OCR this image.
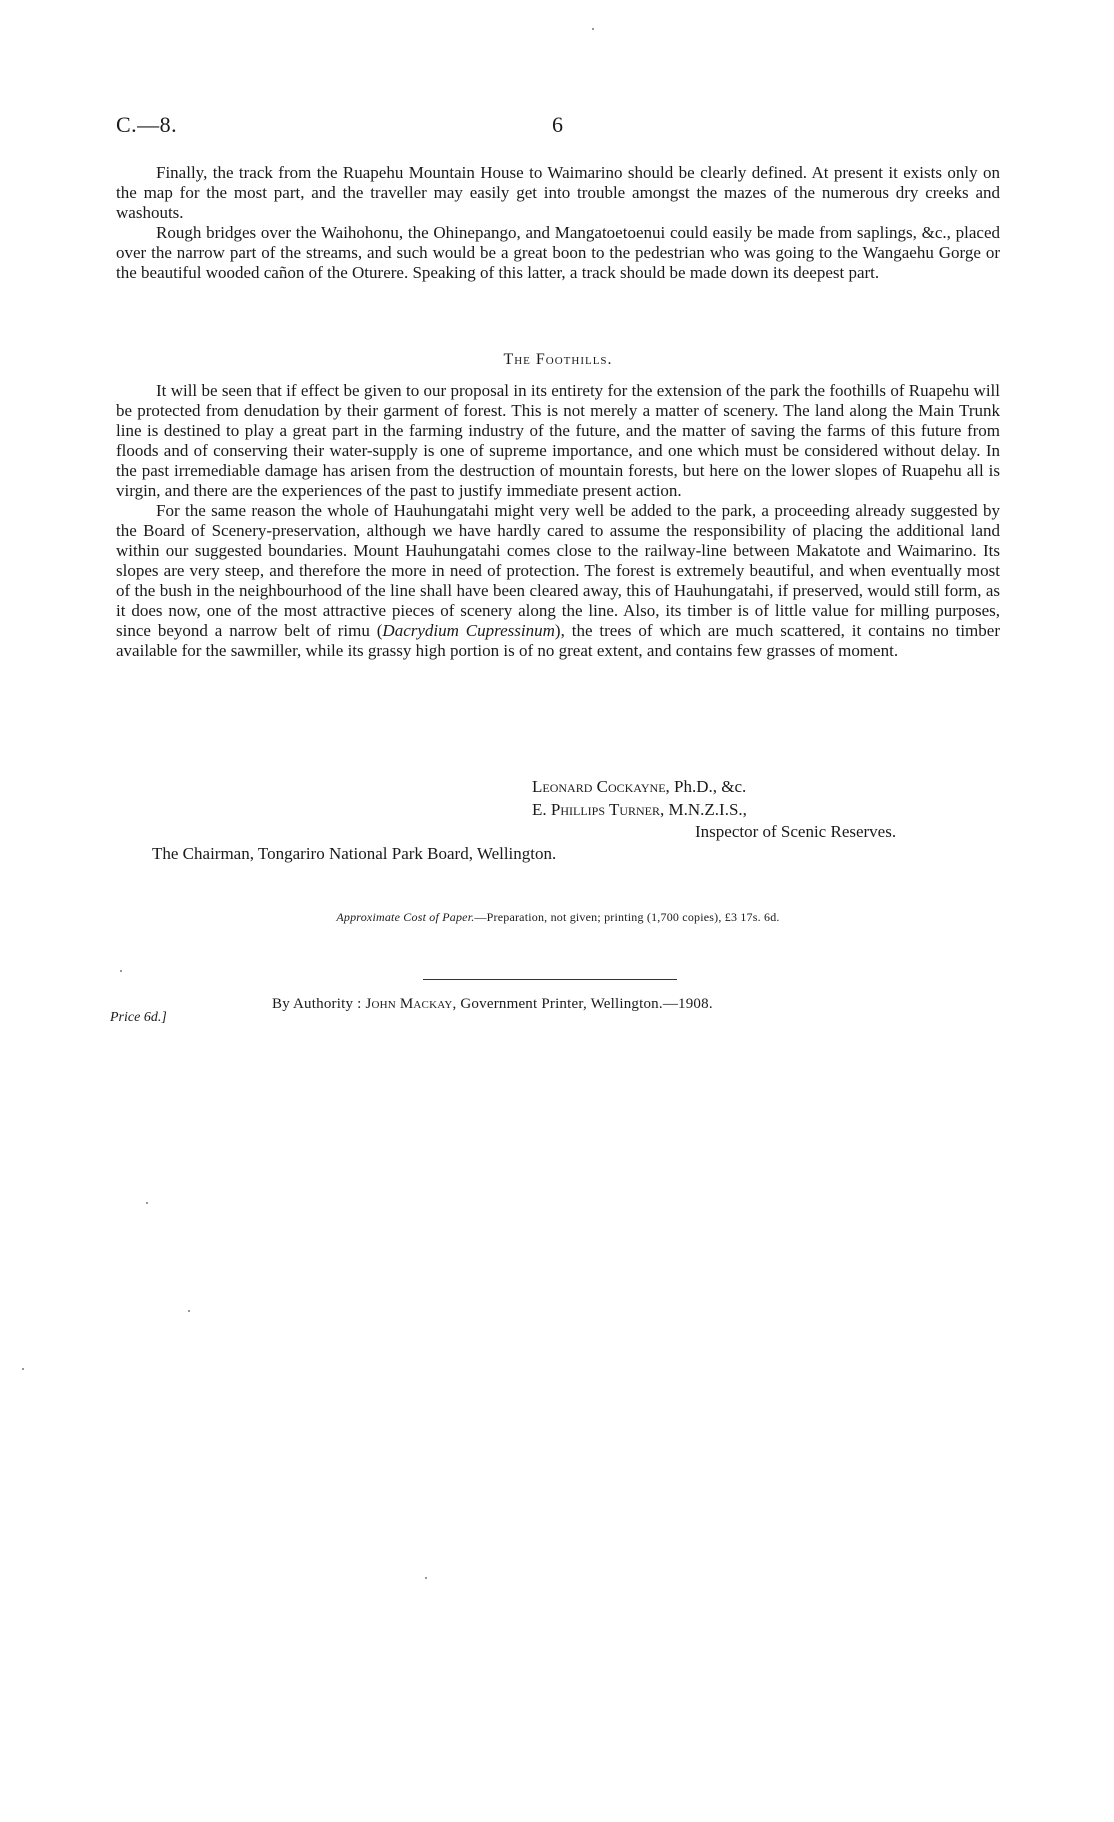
C.—8.	6

Finally, the track from the Ruapehu Mountain House to Waimarino should be clearly defined. At present it exists only on the map for the most part, and the traveller may easily get into trouble amongst the mazes of the numerous dry creeks and washouts.

Rough bridges over the Waihohonu, the Ohinepango, and Mangatoetoenui could easily be made from saplings, &c., placed over the narrow part of the streams, and such would be a great boon to the pedestrian who was going to the Wangaehu Gorge or the beautiful wooded cañon of the Oturere. Speaking of this latter, a track should be made down its deepest part.

The Foothills.

It will be seen that if effect be given to our proposal in its entirety for the extension of the park the foothills of Ruapehu will be protected from denudation by their garment of forest. This is not merely a matter of scenery. The land along the Main Trunk line is destined to play a great part in the farming industry of the future, and the matter of saving the farms of this future from floods and of conserving their water-supply is one of supreme importance, and one which must be considered without delay. In the past irremediable damage has arisen from the destruction of mountain forests, but here on the lower slopes of Ruapehu all is virgin, and there are the experiences of the past to justify immediate present action.

For the same reason the whole of Hauhungatahi might very well be added to the park, a proceeding already suggested by the Board of Scenery-preservation, although we have hardly cared to assume the responsibility of placing the additional land within our suggested boundaries. Mount Hauhungatahi comes close to the railway-line between Makatote and Waimarino. Its slopes are very steep, and therefore the more in need of protection. The forest is extremely beautiful, and when eventually most of the bush in the neighbourhood of the line shall have been cleared away, this of Hauhungatahi, if preserved, would still form, as it does now, one of the most attractive pieces of scenery along the line. Also, its timber is of little value for milling purposes, since beyond a narrow belt of rimu (Dacrydium Cupressinum), the trees of which are much scattered, it contains no timber available for the sawmiller, while its grassy high portion is of no great extent, and contains few grasses of moment.

Leonard Cockayne, Ph.D., &c.
E. Phillips Turner, M.N.Z.I.S.,
Inspector of Scenic Reserves.
The Chairman, Tongariro National Park Board, Wellington.
Approximate Cost of Paper.—Preparation, not given; printing (1,700 copies), £3 17s. 6d.
Price 6d.]
By Authority : John Mackay, Government Printer, Wellington.—1908.
